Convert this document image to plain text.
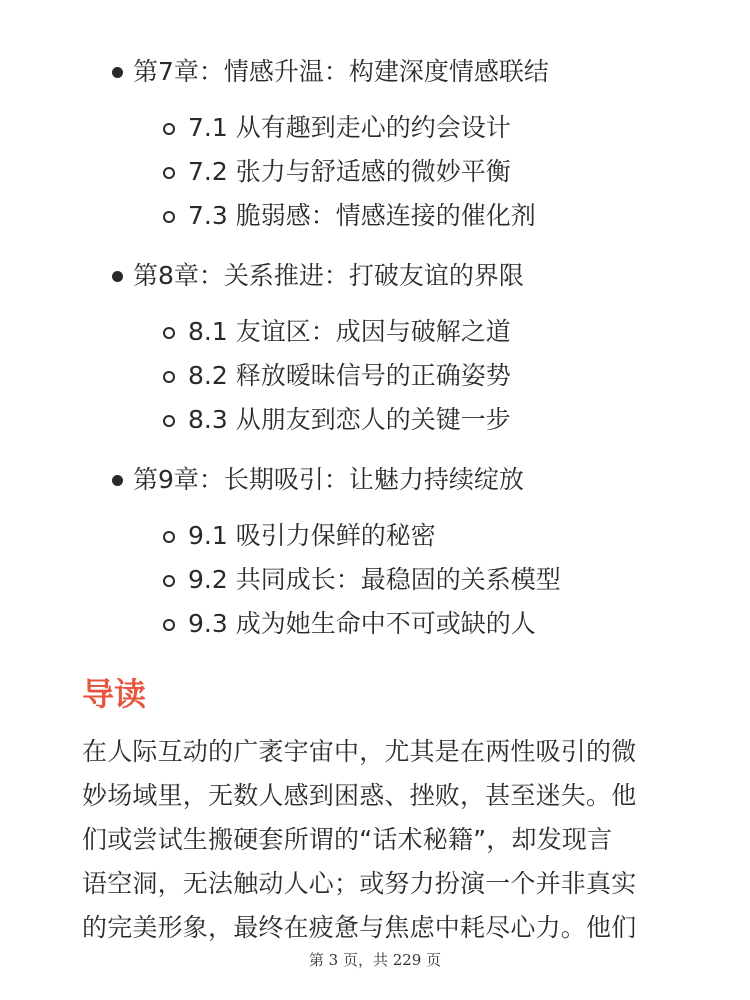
第7章：情感升温：构建深度情感联结
7.1 从有趣到走心的约会设计
7.2 张力与舒适感的微妙平衡
7.3 脆弱感：情感连接的催化剂
第8章：关系推进：打破友谊的界限
8.1 友谊区：成因与破解之道
8.2 释放暧昧信号的正确姿势
8.3 从朋友到恋人的关键一步
第9章：长期吸引：让魅力持续绽放
9.1 吸引力保鲜的秘密
9.2 共同成长：最稳固的关系模型
9.3 成为她生命中不可或缺的人
导读

在人际互动的广袤宇宙中，尤其是在两性吸引的微
妙场域里，无数人感到困惑、挫败，甚至迷失。他
们或尝试生搬硬套所谓的“话术秘籍”，却发现言
语空洞，无法触动人心；或努力扮演一个并非真实
的完美形象，最终在疲惫与焦虑中耗尽心力。他们

第 3 页，共 229 页
